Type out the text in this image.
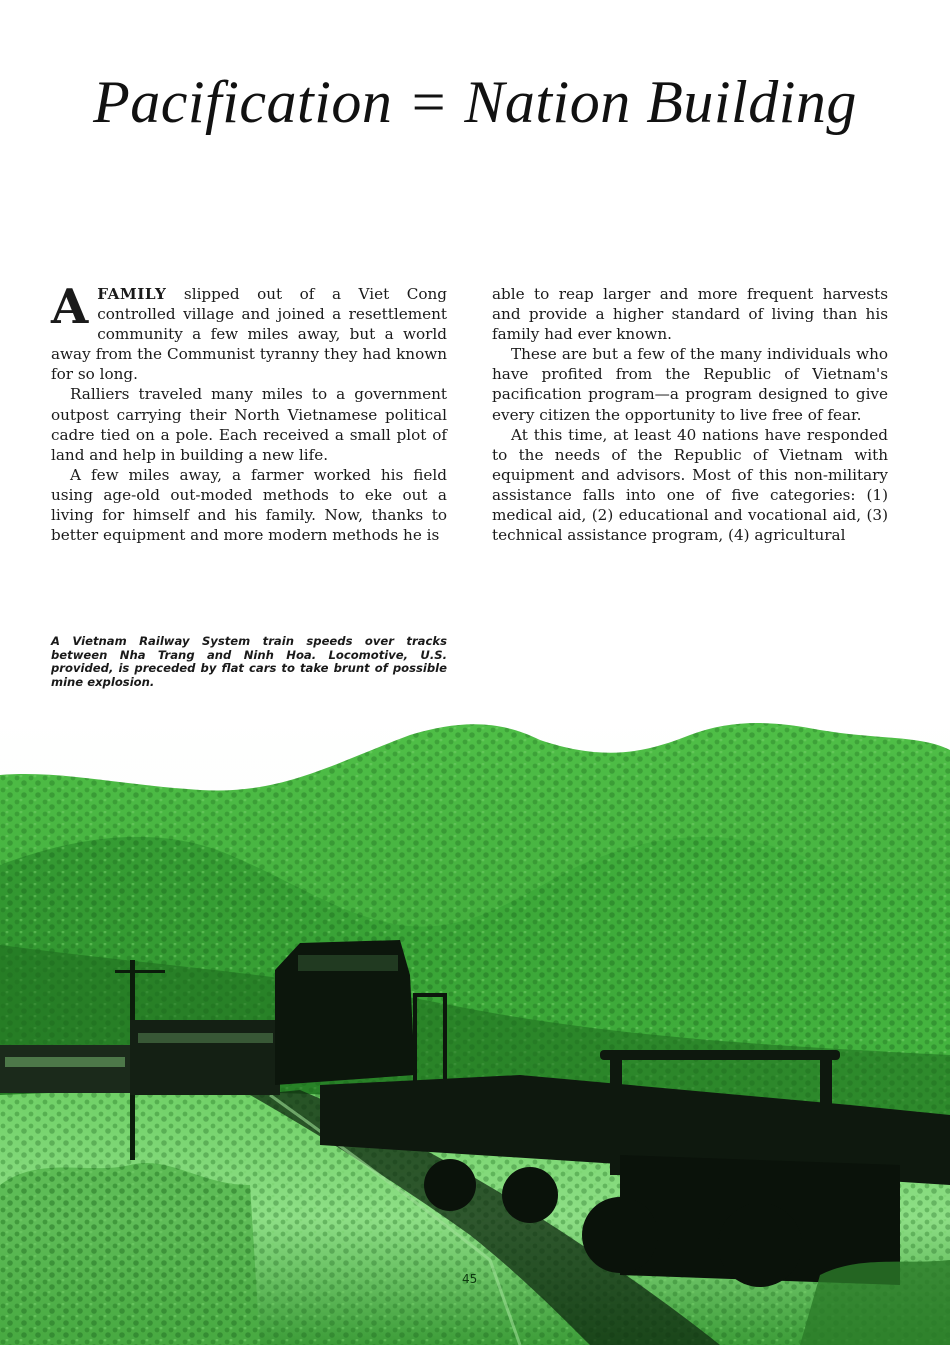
Pacification = Nation Building

AFAMILY slipped out of a Viet Cong controlled village and joined a resettlement community a few miles away, but a world away from the Communist tyranny they had known for so long.

Ralliers traveled many miles to a government outpost carrying their North Vietnamese political cadre tied on a pole. Each received a small plot of land and help in building a new life.

A few miles away, a farmer worked his field using age-old out-moded methods to eke out a living for himself and his family. Now, thanks to better equipment and more modern methods he is

able to reap larger and more frequent harvests and provide a higher standard of living than his family had ever known.

These are but a few of the many individuals who have profited from the Republic of Vietnam's pacification program—a program designed to give every citizen the opportunity to live free of fear.

At this time, at least 40 nations have responded to the needs of the Republic of Vietnam with equipment and advisors. Most of this non-military assistance falls into one of five categories: (1) medical aid, (2) educational and vocational aid, (3) technical assistance program, (4) agricultural

A Vietnam Railway System train speeds over tracks between Nha Trang and Ninh Hoa. Locomotive, U.S. provided, is preceded by flat cars to take brunt of possible mine explosion.
45
